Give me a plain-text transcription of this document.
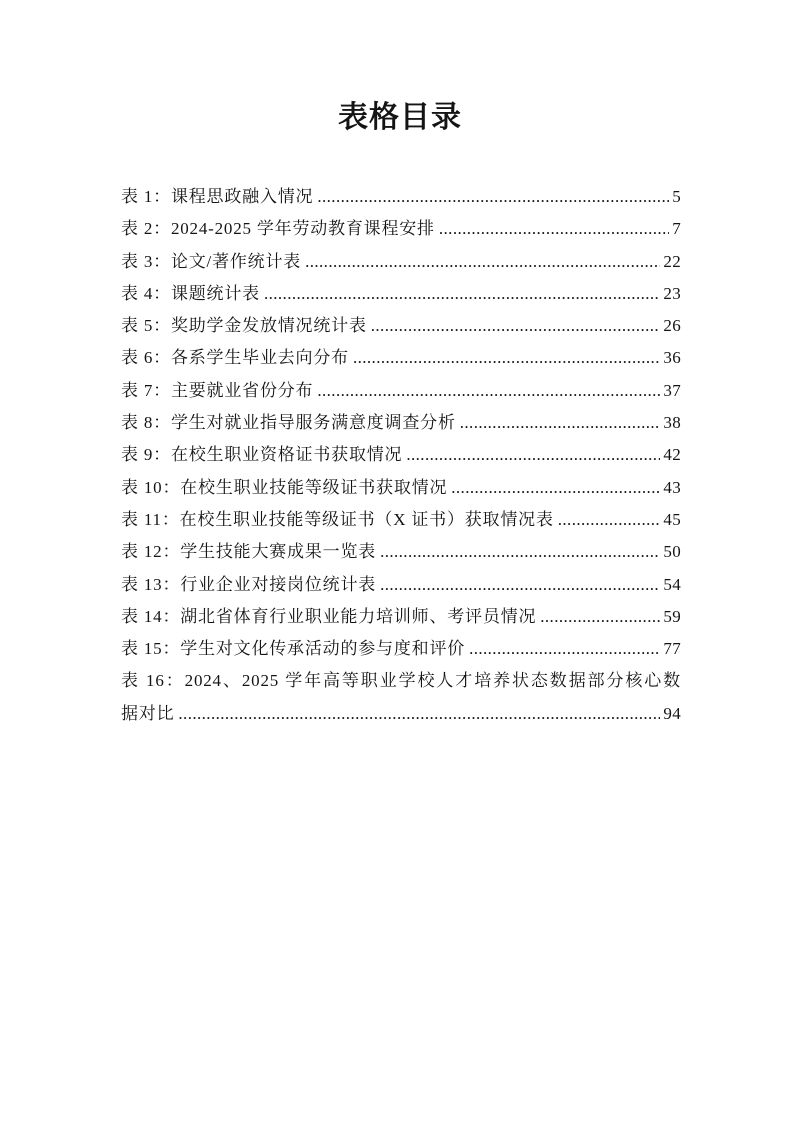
表格目录
表 1：课程思政融入情况 .....	5
表 2：2024-2025 学年劳动教育课程安排 .....	7
表 3：论文/著作统计表 .....	22
表 4：课题统计表 .....	23
表 5：奖助学金发放情况统计表 .....	26
表 6：各系学生毕业去向分布 .....	36
表 7：主要就业省份分布 .....	37
表 8：学生对就业指导服务满意度调查分析 .....	38
表 9：在校生职业资格证书获取情况 .....	42
表 10：在校生职业技能等级证书获取情况 .....	43
表 11：在校生职业技能等级证书（X 证书）获取情况表 .....	45
表 12：学生技能大赛成果一览表 .....	50
表 13：行业企业对接岗位统计表 .....	54
表 14：湖北省体育行业职业能力培训师、考评员情况 .....	59
表 15：学生对文化传承活动的参与度和评价 .....	77
表 16：2024、2025 学年高等职业学校人才培养状态数据部分核心数
据对比 .....	94
